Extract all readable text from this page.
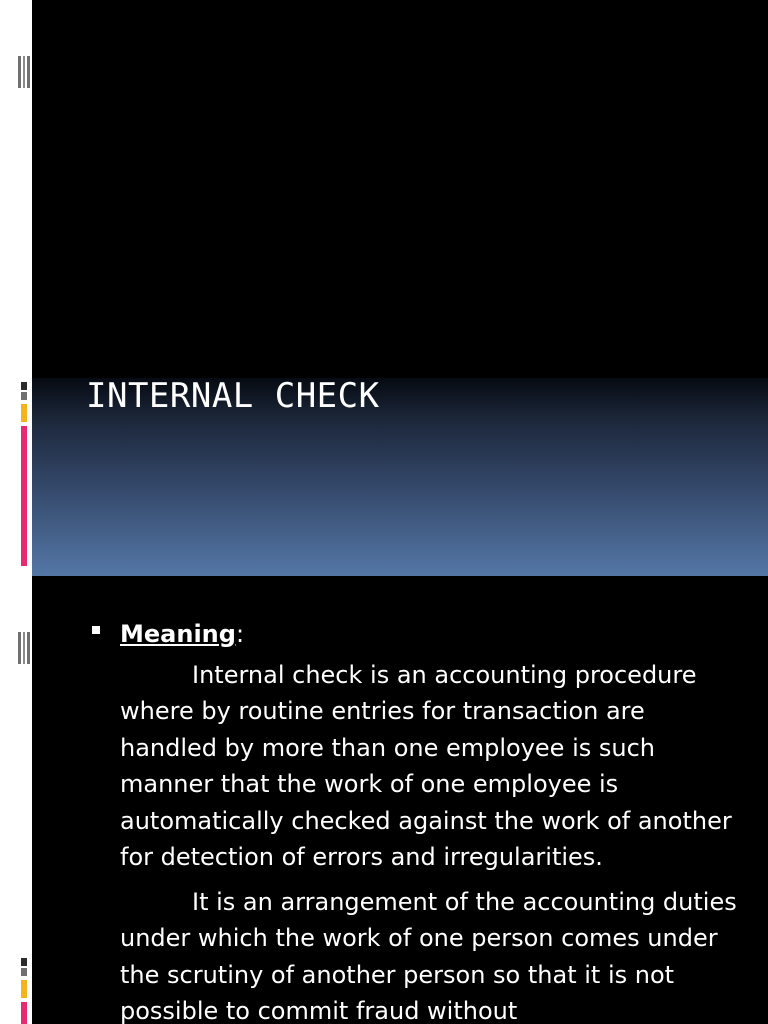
INTERNAL CHECK

Meaning:

Internal check is an accounting procedure where by routine entries for transaction are handled by more than one employee is such manner that the work of one employee is automatically checked against the work of another for detection of errors and irregularities.

It is an arrangement of the accounting duties under which the work of one person comes under the scrutiny of another person so that it is not possible to commit fraud without
